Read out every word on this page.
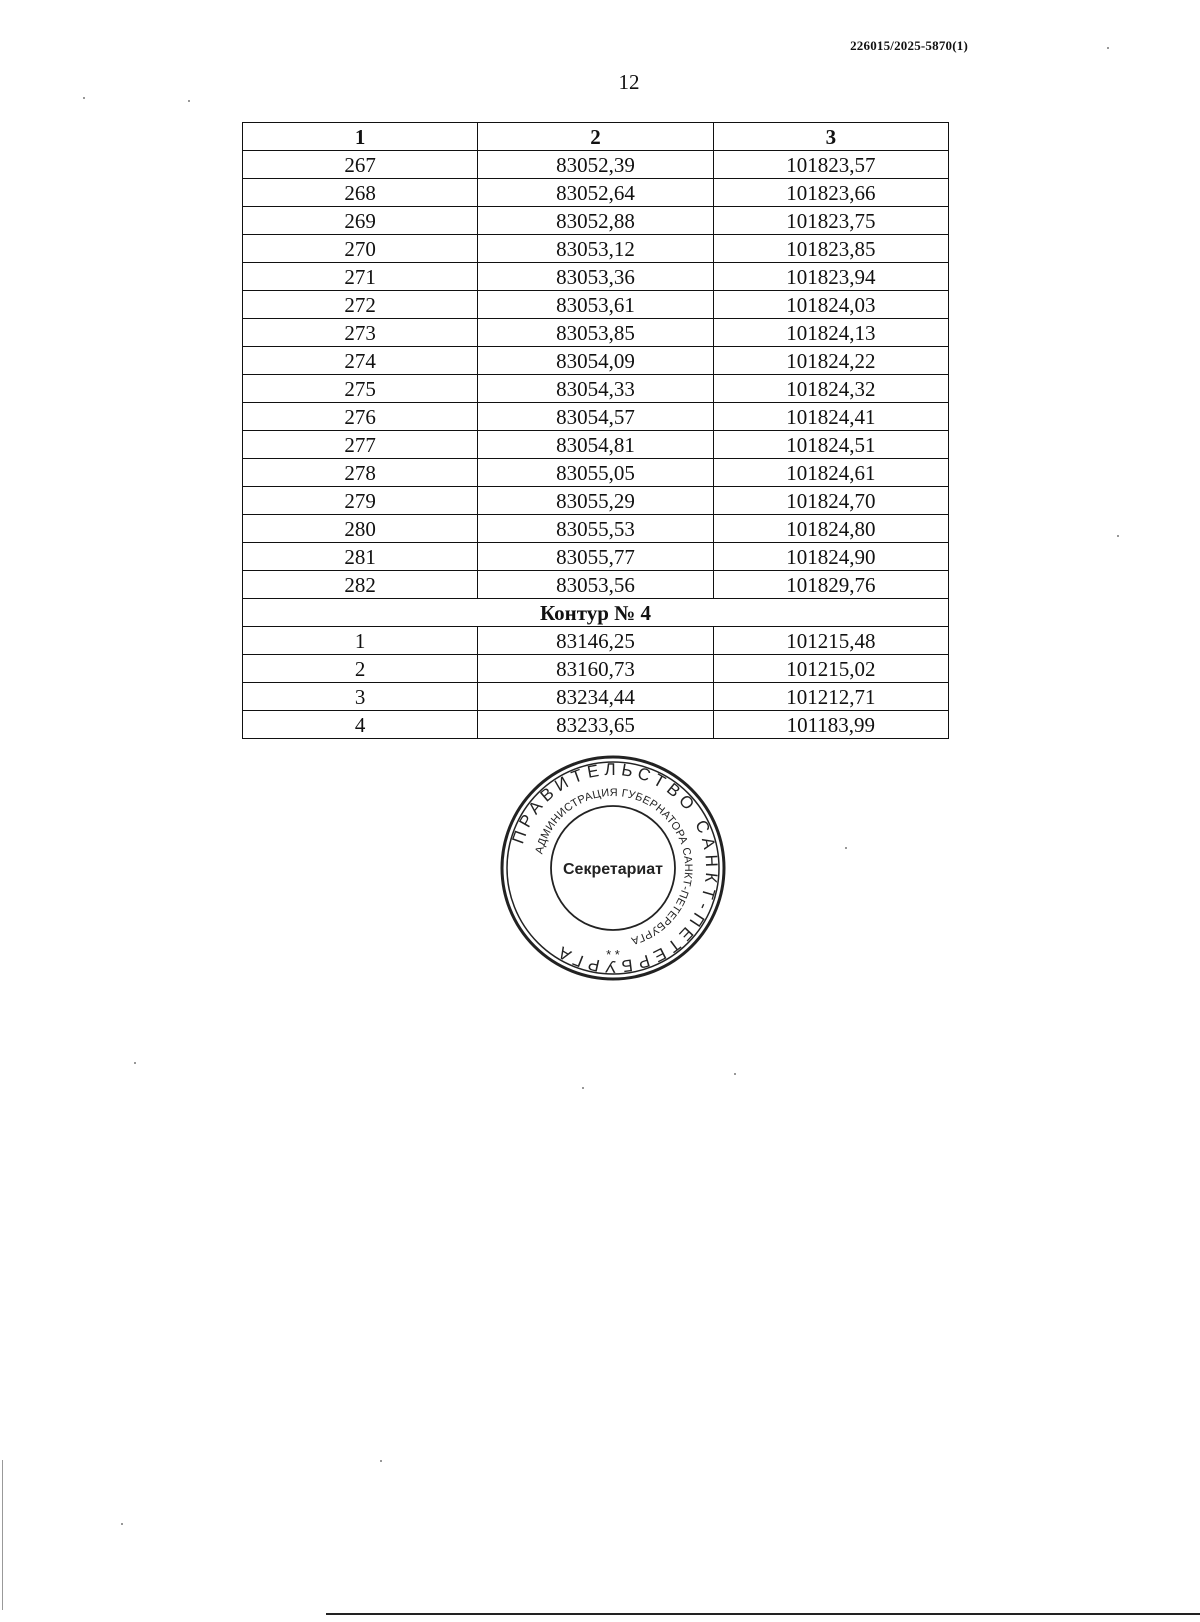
226015/2025-5870(1)
12
1	2	3
267	83052,39	101823,57
268	83052,64	101823,66
269	83052,88	101823,75
270	83053,12	101823,85
271	83053,36	101823,94
272	83053,61	101824,03
273	83053,85	101824,13
274	83054,09	101824,22
275	83054,33	101824,32
276	83054,57	101824,41
277	83054,81	101824,51
278	83055,05	101824,61
279	83055,29	101824,70
280	83055,53	101824,80
281	83055,77	101824,90
282	83053,56	101829,76
Контур № 4		
1	83146,25	101215,48
2	83160,73	101215,02
3	83234,44	101212,71
4	83233,65	101183,99
ПРАВИТЕЛЬСТВО САНКТ-ПЕТЕРБУРГА
АДМИНИСТРАЦИЯ ГУБЕРНАТОРА САНКТ-ПЕТЕРБУРГА
Секретариат
* *
